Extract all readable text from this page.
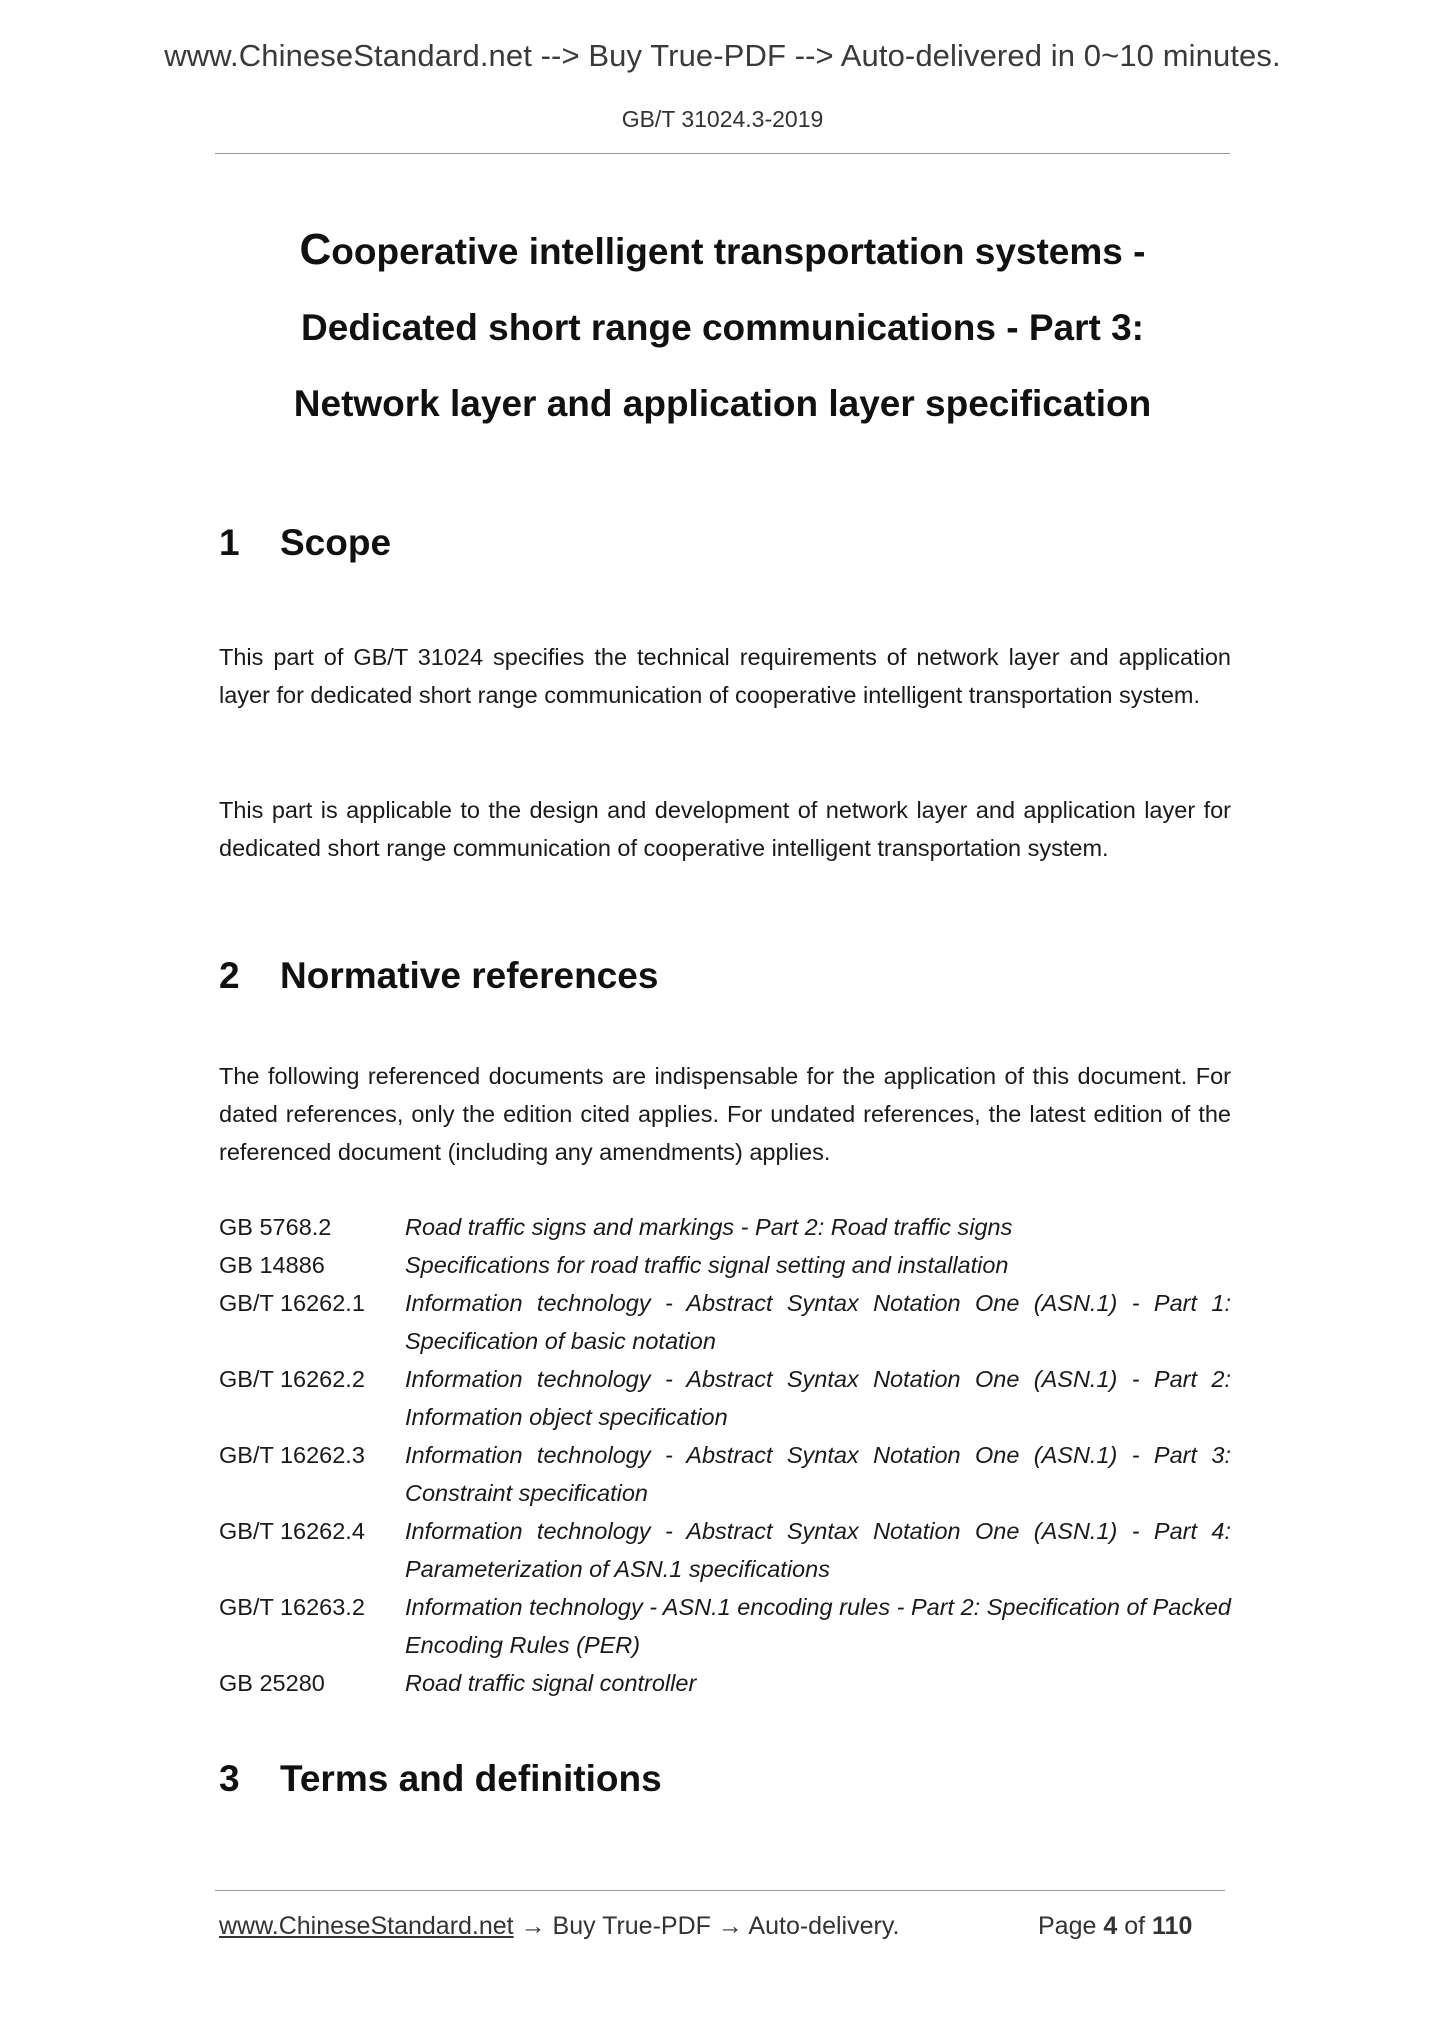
www.ChineseStandard.net --> Buy True-PDF --> Auto-delivered in 0~10 minutes.
GB/T 31024.3-2019
Cooperative intelligent transportation systems -
Dedicated short range communications - Part 3:
Network layer and application layer specification
1 Scope
This part of GB/T 31024 specifies the technical requirements of network layer and application layer for dedicated short range communication of cooperative intelligent transportation system.
This part is applicable to the design and development of network layer and application layer for dedicated short range communication of cooperative intelligent transportation system.
2 Normative references
The following referenced documents are indispensable for the application of this document. For dated references, only the edition cited applies. For undated references, the latest edition of the referenced document (including any amendments) applies.
GB 5768.2	Road traffic signs and markings - Part 2: Road traffic signs
GB 14886	Specifications for road traffic signal setting and installation
GB/T 16262.1	Information technology - Abstract Syntax Notation One (ASN.1) - Part 1: Specification of basic notation
GB/T 16262.2	Information technology - Abstract Syntax Notation One (ASN.1) - Part 2: Information object specification
GB/T 16262.3	Information technology - Abstract Syntax Notation One (ASN.1) - Part 3: Constraint specification
GB/T 16262.4	Information technology - Abstract Syntax Notation One (ASN.1) - Part 4: Parameterization of ASN.1 specifications
GB/T 16263.2	Information technology - ASN.1 encoding rules - Part 2: Specification of Packed Encoding Rules (PER)
GB 25280	Road traffic signal controller
3 Terms and definitions
www.ChineseStandard.net → Buy True-PDF → Auto-delivery.	Page 4 of 110
